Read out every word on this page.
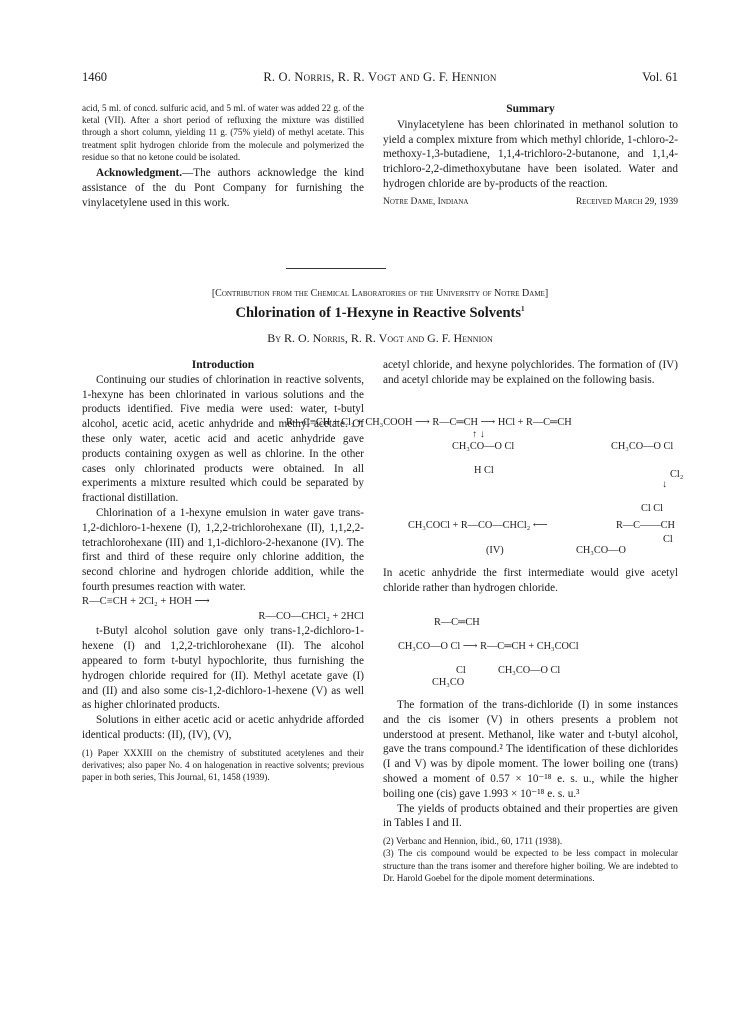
1460	R. O. Norris, R. R. Vogt and G. F. Hennion	Vol. 61

acid, 5 ml. of concd. sulfuric acid, and 5 ml. of water was added 22 g. of the ketal (VII). After a short period of refluxing the mixture was distilled through a short column, yielding 11 g. (75% yield) of methyl acetate. This treatment split hydrogen chloride from the molecule and polymerized the residue so that no ketone could be isolated.

Acknowledgment.—The authors acknowledge the kind assistance of the du Pont Company for furnishing the vinylacetylene used in this work.

Summary

Vinylacetylene has been chlorinated in methanol solution to yield a complex mixture from which methyl chloride, 1-chloro-2-methoxy-1,3-butadiene, 1,1,4-trichloro-2-butanone, and 1,1,4-trichloro-2,2-dimethoxybutane have been isolated. Water and hydrogen chloride are by-products of the reaction.

Notre Dame, Indiana	Received March 29, 1939

[Contribution from the Chemical Laboratories of the University of Notre Dame]
Chlorination of 1-Hexyne in Reactive Solvents$^1$
By R. O. Norris, R. R. Vogt and G. F. Hennion

Introduction

Continuing our studies of chlorination in reactive solvents, 1-hexyne has been chlorinated in various solutions and the products identified. Five media were used: water, t-butyl alcohol, acetic acid, acetic anhydride and methyl acetate. Of these only water, acetic acid and acetic anhydride gave products containing oxygen as well as chlorine. In the other cases only chlorinated products were obtained. In all experiments a mixture resulted which could be separated by fractional distillation.

Chlorination of a 1-hexyne emulsion in water gave trans-1,2-dichloro-1-hexene (I), 1,2,2-trichlorohexane (II), 1,1,2,2-tetrachlorohexane (III) and 1,1-dichloro-2-hexanone (IV). The first and third of these require only chlorine addition, the second chlorine and hydrogen chloride addition, while the fourth presumes reaction with water.

R—C≡CH + 2Cl₂ + HOH ⟶

R—CO—CHCl₂ + 2HCl

t-Butyl alcohol solution gave only trans-1,2-dichloro-1-hexene (I) and 1,2,2-trichlorohexane (II). The alcohol appeared to form t-butyl hypochlorite, thus furnishing the hydrogen chloride required for (II). Methyl acetate gave (I) and (II) and also some cis-1,2-dichloro-1-hexene (V) as well as higher chlorinated products.

Solutions in either acetic acid or acetic anhydride afforded identical products: (II), (IV), (V),

(1) Paper XXXIII on the chemistry of substituted acetylenes and their derivatives; also paper No. 4 on halogenation in reactive solvents; previous paper in both series, This Journal, 61, 1458 (1939).

acetyl chloride, and hexyne polychlorides. The formation of (IV) and acetyl chloride may be explained on the following basis.

R—C≡CH + Cl₂ + CH₃COOH ⟶ R—C═CH ⟶ HCl + R—C═CH
↑ ↓
CH₃CO—O Cl	CH₃CO—O Cl
H Cl
↓
Cl₂
Cl Cl
CH₃COCl + R—CO—CHCl₂ ⟵	R—C——CH
Cl
CH₃CO—O
(IV)

In acetic anhydride the first intermediate would give acetyl chloride rather than hydrogen chloride.

R—C═CH
CH₃CO—O Cl ⟶ R—C═CH + CH₃COCl
Cl	CH₃CO—O Cl
CH₃CO

The formation of the trans-dichloride (I) in some instances and the cis isomer (V) in others presents a problem not understood at present. Methanol, like water and t-butyl alcohol, gave the trans compound.² The identification of these dichlorides (I and V) was by dipole moment. The lower boiling one (trans) showed a moment of 0.57 × 10⁻¹⁸ e. s. u., while the higher boiling one (cis) gave 1.993 × 10⁻¹⁸ e. s. u.³

The yields of products obtained and their properties are given in Tables I and II.

(2) Verbanc and Hennion, ibid., 60, 1711 (1938).

(3) The cis compound would be expected to be less compact in molecular structure than the trans isomer and therefore higher boiling. We are indebted to Dr. Harold Goebel for the dipole moment determinations.
